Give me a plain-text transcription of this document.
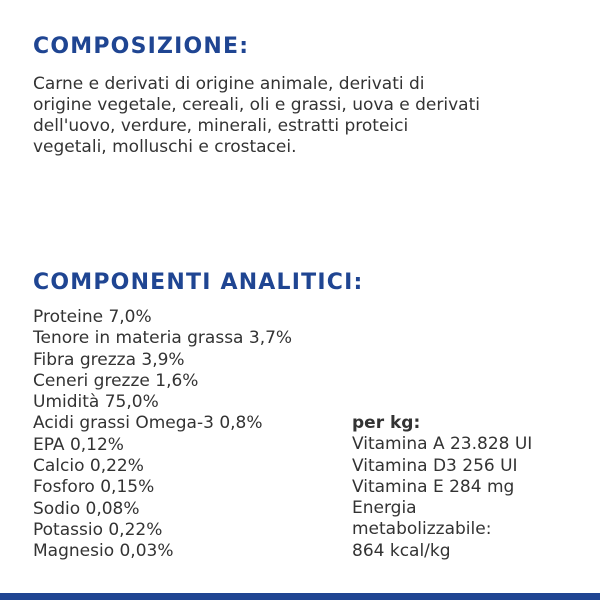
COMPOSIZIONE:
Carne e derivati di origine animale, derivati di
origine vegetale, cereali, oli e grassi, uova e derivati
dell'uovo, verdure, minerali, estratti proteici
vegetali, molluschi e crostacei.
COMPONENTI ANALITICI:
Proteine 7,0%
Tenore in materia grassa 3,7%
Fibra grezza 3,9%
Ceneri grezze 1,6%
Umidità 75,0%
Acidi grassi Omega-3 0,8%
EPA 0,12%
Calcio 0,22%
Fosforo 0,15%
Sodio 0,08%
Potassio 0,22%
Magnesio 0,03%
per kg:
Vitamina A 23.828 UI
Vitamina D3 256 UI
Vitamina E 284 mg
Energia
metabolizzabile:
864 kcal/kg
